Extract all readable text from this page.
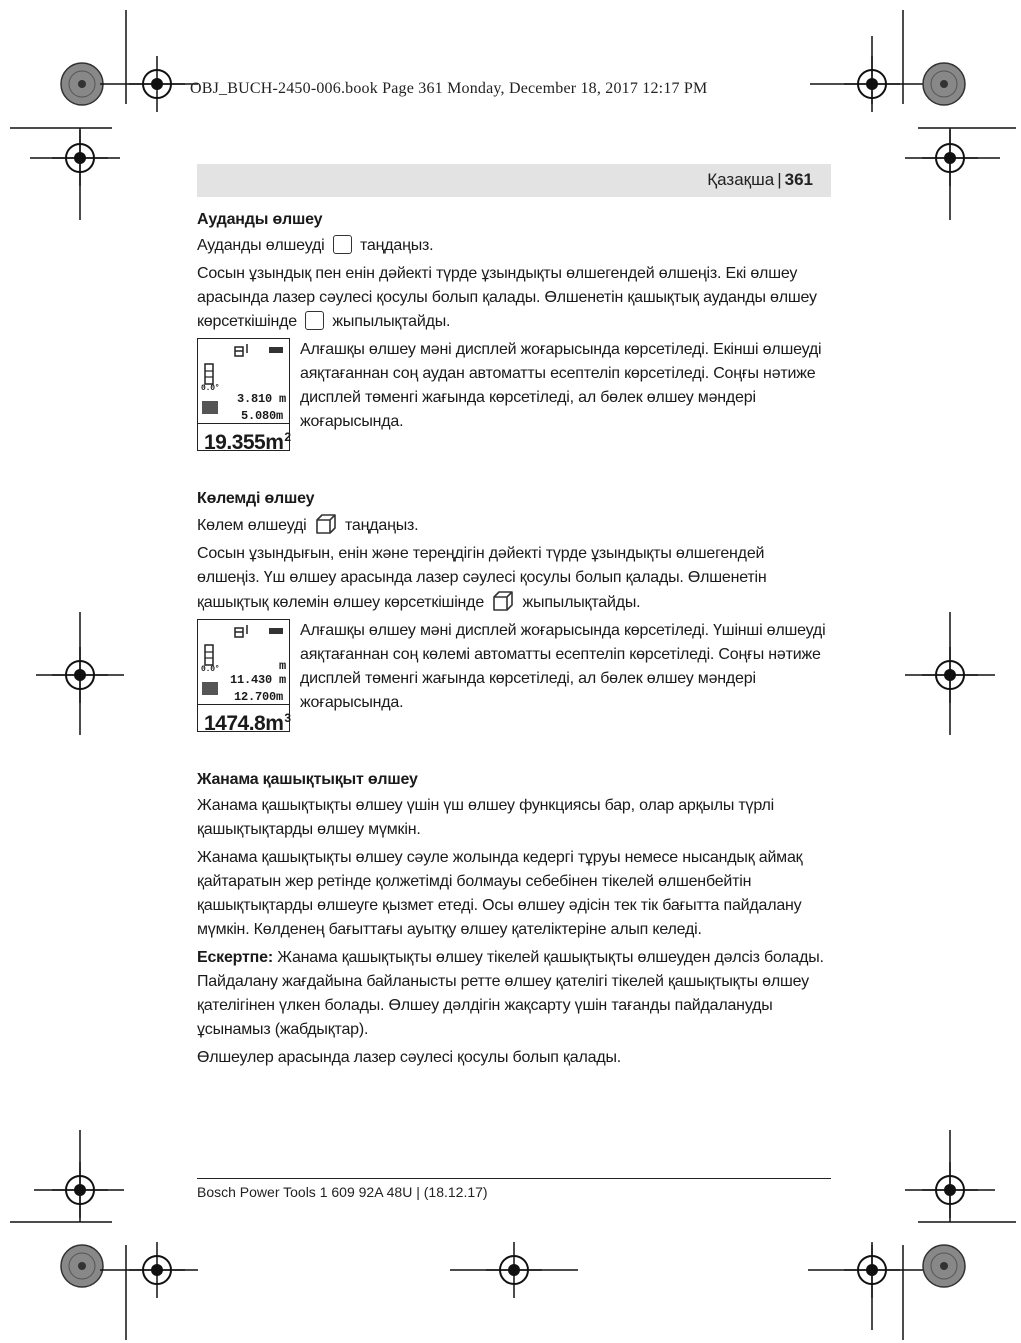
OBJ_BUCH-2450-006.book Page 361 Monday, December 18, 2017 12:17 PM
Қазақша | 361
Ауданды өлшеу

Ауданды өлшеуді таңдаңыз.

Сосын ұзындық пен енін дәйекті түрде ұзындықты өлшегендей өлшеңіз. Екі өлшеу арасында лазер сәулесі қосулы болып қалады. Өлшенетін қашықтық ауданды өлшеу көрсеткішінде жыпылықтайды.

0.0°
3.810 m
5.080m
$19.355m^2$

Алғашқы өлшеу мәні дисплей жоғарысында көрсетіледі. Екінші өлшеуді аяқтағаннан соң аудан автоматты есептеліп көрсетіледі. Соңғы нәтиже дисплей төменгі жағында көрсетіледі, ал бөлек өлшеу мәндері жоғарысында.

Көлемді өлшеу

Көлем өлшеуді таңдаңыз.

Сосын ұзындығын, енін және тереңдігін дәйекті түрде ұзындықты өлшегендей өлшеңіз. Үш өлшеу арасында лазер сәулесі қосулы болып қалады. Өлшенетін қашықтық көлемін өлшеу көрсеткішінде жыпылықтайды.

0.0°	m
11.430 m
12.700m
$1474.8m^3$

Алғашқы өлшеу мәні дисплей жоғарысында көрсетіледі. Үшінші өлшеуді аяқтағаннан соң көлемі автоматты есептеліп көрсетіледі. Соңғы нәтиже дисплей төменгі жағында көрсетіледі, ал бөлек өлшеу мәндері жоғарысында.

Жанама қашықтықыт өлшеу

Жанама қашықтықты өлшеу үшін үш өлшеу функциясы бар, олар арқылы түрлі қашықтықтарды өлшеу мүмкін.

Жанама қашықтықты өлшеу сәуле жолында кедергі тұруы немесе нысандық аймақ қайтаратын жер ретінде қолжетімді болмауы себебінен тікелей өлшенбейтін қашықтықтарды өлшеуге қызмет етеді. Осы өлшеу әдісін тек тік бағытта пайдалану мүмкін. Көлденең бағыттағы ауытқу өлшеу қателіктеріне алып келеді.

Ескертпе: Жанама қашықтықты өлшеу тікелей қашықтықты өлшеуден дәлсіз болады. Пайдалану жағдайына байланысты ретте өлшеу қателігі тікелей қашықтықты өлшеу қателігінен үлкен болады. Өлшеу дәлдігін жақсарту үшін тағанды пайдалануды ұсынамыз (жабдықтар).

Өлшеулер арасында лазер сәулесі қосулы болып қалады.

Bosch Power Tools 1 609 92A 48U | (18.12.17)
